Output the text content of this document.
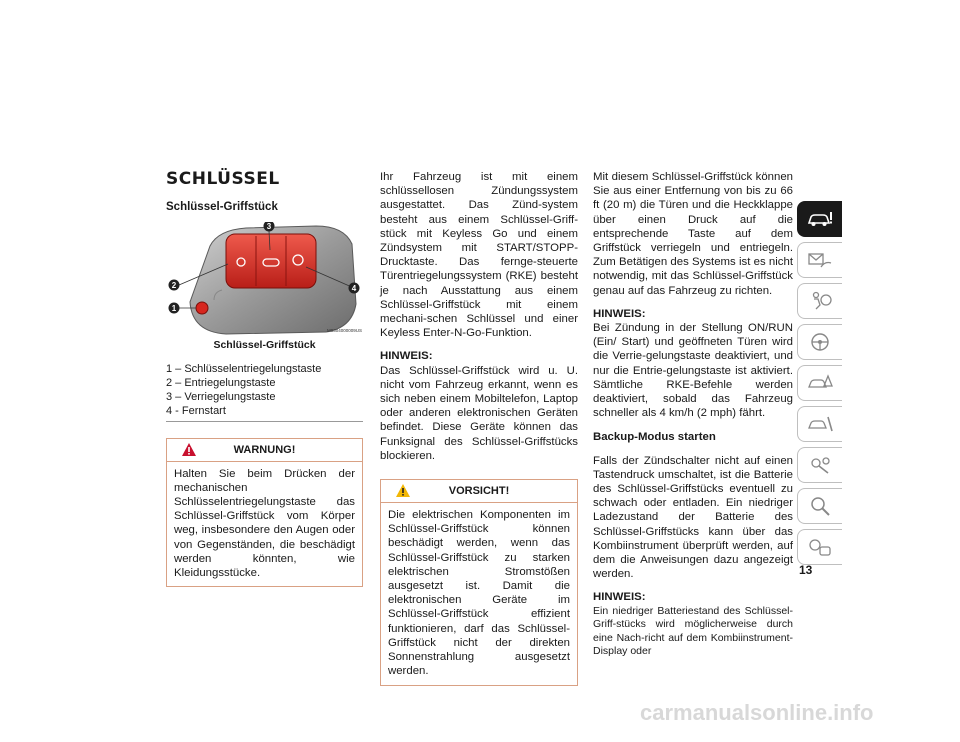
SCHLÜSSEL
Schlüssel-Griffstück
1
2
3
4
M0304000009US
Schlüssel-Griffstück
1 – Schlüsselentriegelungstaste
2 – Entriegelungstaste
3 – Verriegelungstaste
4 - Fernstart
WARNUNG!

Halten Sie beim Drücken der mechanischen Schlüsselentriegelungstaste das Schlüssel-Griffstück vom Körper weg, insbesondere den Augen oder von Gegenständen, die beschädigt werden könnten, wie Kleidungsstücke.

Ihr Fahrzeug ist mit einem schlüssellosen Zündungssystem ausgestattet. Das Zünd-system besteht aus einem Schlüssel-Griff-stück mit Keyless Go und einem Zündsystem mit START/STOPP-Drucktaste. Das fernge-steuerte Türentriegelungssystem (RKE) besteht je nach Ausstattung aus einem Schlüssel-Griffstück mit einem mechani-schen Schlüssel und einer Keyless Enter-N-Go-Funktion.

HINWEIS:

Das Schlüssel-Griffstück wird u. U. nicht vom Fahrzeug erkannt, wenn es sich neben einem Mobiltelefon, Laptop oder anderen elektronischen Geräten befindet. Diese Geräte können das Funksignal des Schlüssel-Griffstücks blockieren.

VORSICHT!

Die elektrischen Komponenten im Schlüssel-Griffstück können beschädigt werden, wenn das Schlüssel-Griffstück zu starken elektrischen Stromstößen ausgesetzt ist. Damit die elektronischen Geräte im Schlüssel-Griffstück effizient funktionieren, darf das Schlüssel-Griffstück nicht der direkten Sonnenstrahlung ausgesetzt werden.

Mit diesem Schlüssel-Griffstück können Sie aus einer Entfernung von bis zu 66 ft (20 m) die Türen und die Heckklappe über einen Druck auf die entsprechende Taste auf dem Griffstück verriegeln und entriegeln. Zum Betätigen des Systems ist es nicht notwendig, mit das Schlüssel-Griffstück genau auf das Fahrzeug zu richten.

HINWEIS:

Bei Zündung in der Stellung ON/RUN (Ein/ Start) und geöffneten Türen wird die Verrie-gelungstaste deaktiviert, und nur die Entrie-gelungstaste ist aktiviert. Sämtliche RKE-Befehle werden deaktiviert, sobald das Fahrzeug schneller als 4 km/h (2 mph) fährt.

Backup-Modus starten

Falls der Zündschalter nicht auf einen Tastendruck umschaltet, ist die Batterie des Schlüssel-Griffstücks eventuell zu schwach oder entladen. Ein niedriger Ladezustand der Batterie des Schlüssel-Griffstücks kann über das Kombiinstrument überprüft werden, auf dem die Anweisungen dazu angezeigt werden.

HINWEIS:

Ein niedriger Batteriestand des Schlüssel-Griff-stücks wird möglicherweise durch eine Nach-richt auf dem Kombiinstrument-Display oder

13
carmanualsonline.info
